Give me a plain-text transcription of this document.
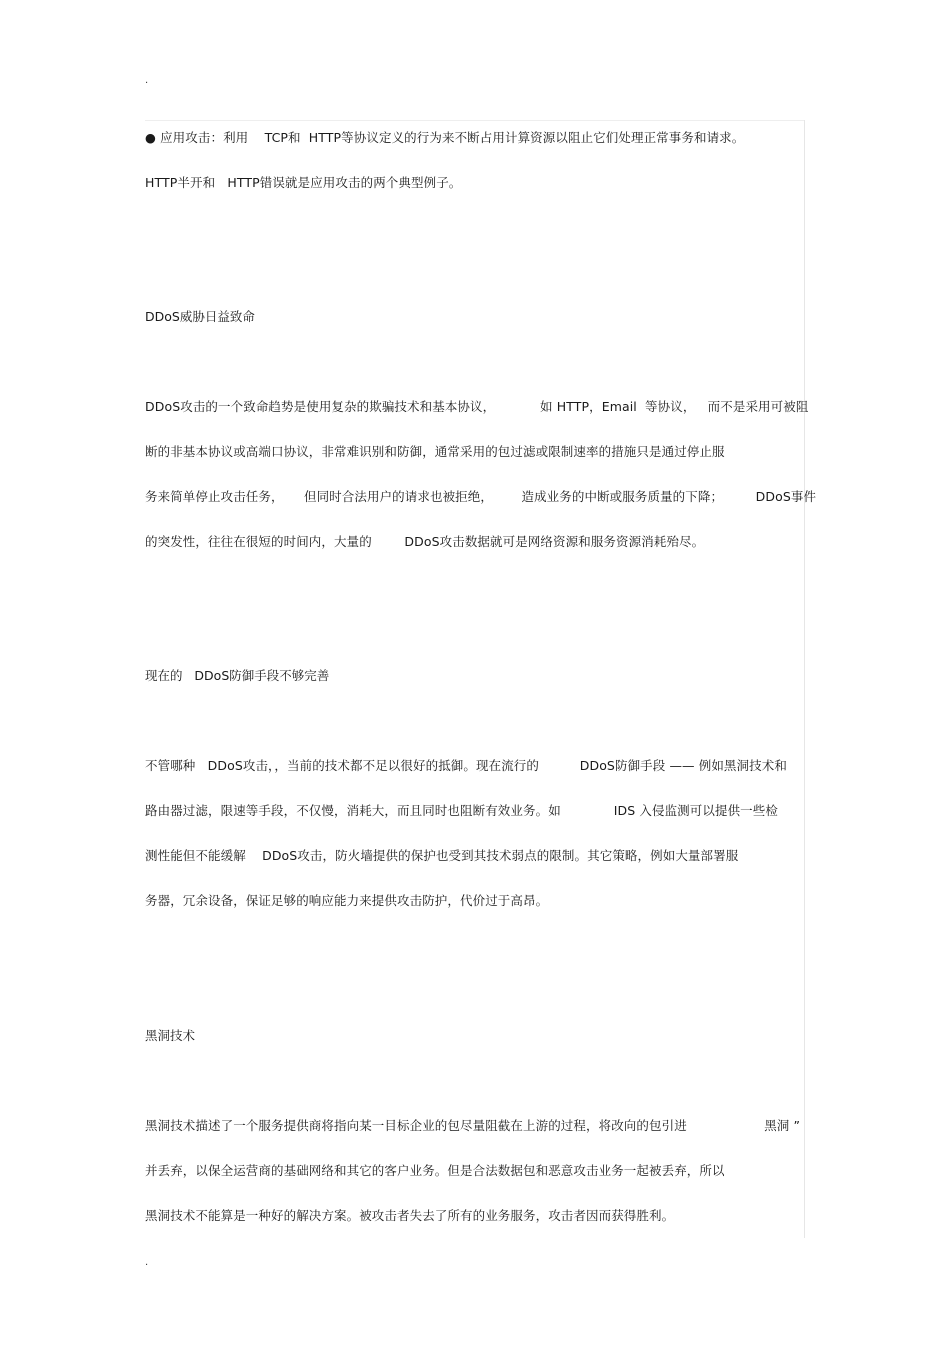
.
● 应用攻击：利用    TCP和  HTTP等协议定义的行为来不断占用计算资源以阻止它们处理正常事务和请求。
HTTP半开和   HTTP错误就是应用攻击的两个典型例子。
DDoS威胁日益致命
DDoS攻击的一个致命趋势是使用复杂的欺骗技术和基本协议，           如 HTTP，Email  等协议，   而不是采用可被阻
断的非基本协议或高端口协议，非常难识别和防御，通常采用的包过滤或限制速率的措施只是通过停止服
务来简单停止攻击任务，     但同时合法用户的请求也被拒绝，       造成业务的中断或服务质量的下降；        DDoS事件
的突发性，往往在很短的时间内，大量的        DDoS攻击数据就可是网络资源和服务资源消耗殆尽。
现在的   DDoS防御手段不够完善
不管哪种   DDoS攻击，，当前的技术都不足以很好的抵御。现在流行的          DDoS防御手段 —— 例如黑洞技术和
路由器过滤，限速等手段，不仅慢，消耗大，而且同时也阻断有效业务。如             IDS 入侵监测可以提供一些检
测性能但不能缓解    DDoS攻击，防火墙提供的保护也受到其技术弱点的限制。其它策略，例如大量部署服
务器，冗余设备，保证足够的响应能力来提供攻击防护，代价过于高昂。
黑洞技术
黑洞技术描述了一个服务提供商将指向某一目标企业的包尽量阻截在上游的过程，将改向的包引进                   黑洞 ”
并丢弃，以保全运营商的基础网络和其它的客户业务。但是合法数据包和恶意攻击业务一起被丢弃，所以
黑洞技术不能算是一种好的解决方案。被攻击者失去了所有的业务服务，攻击者因而获得胜利。
.
